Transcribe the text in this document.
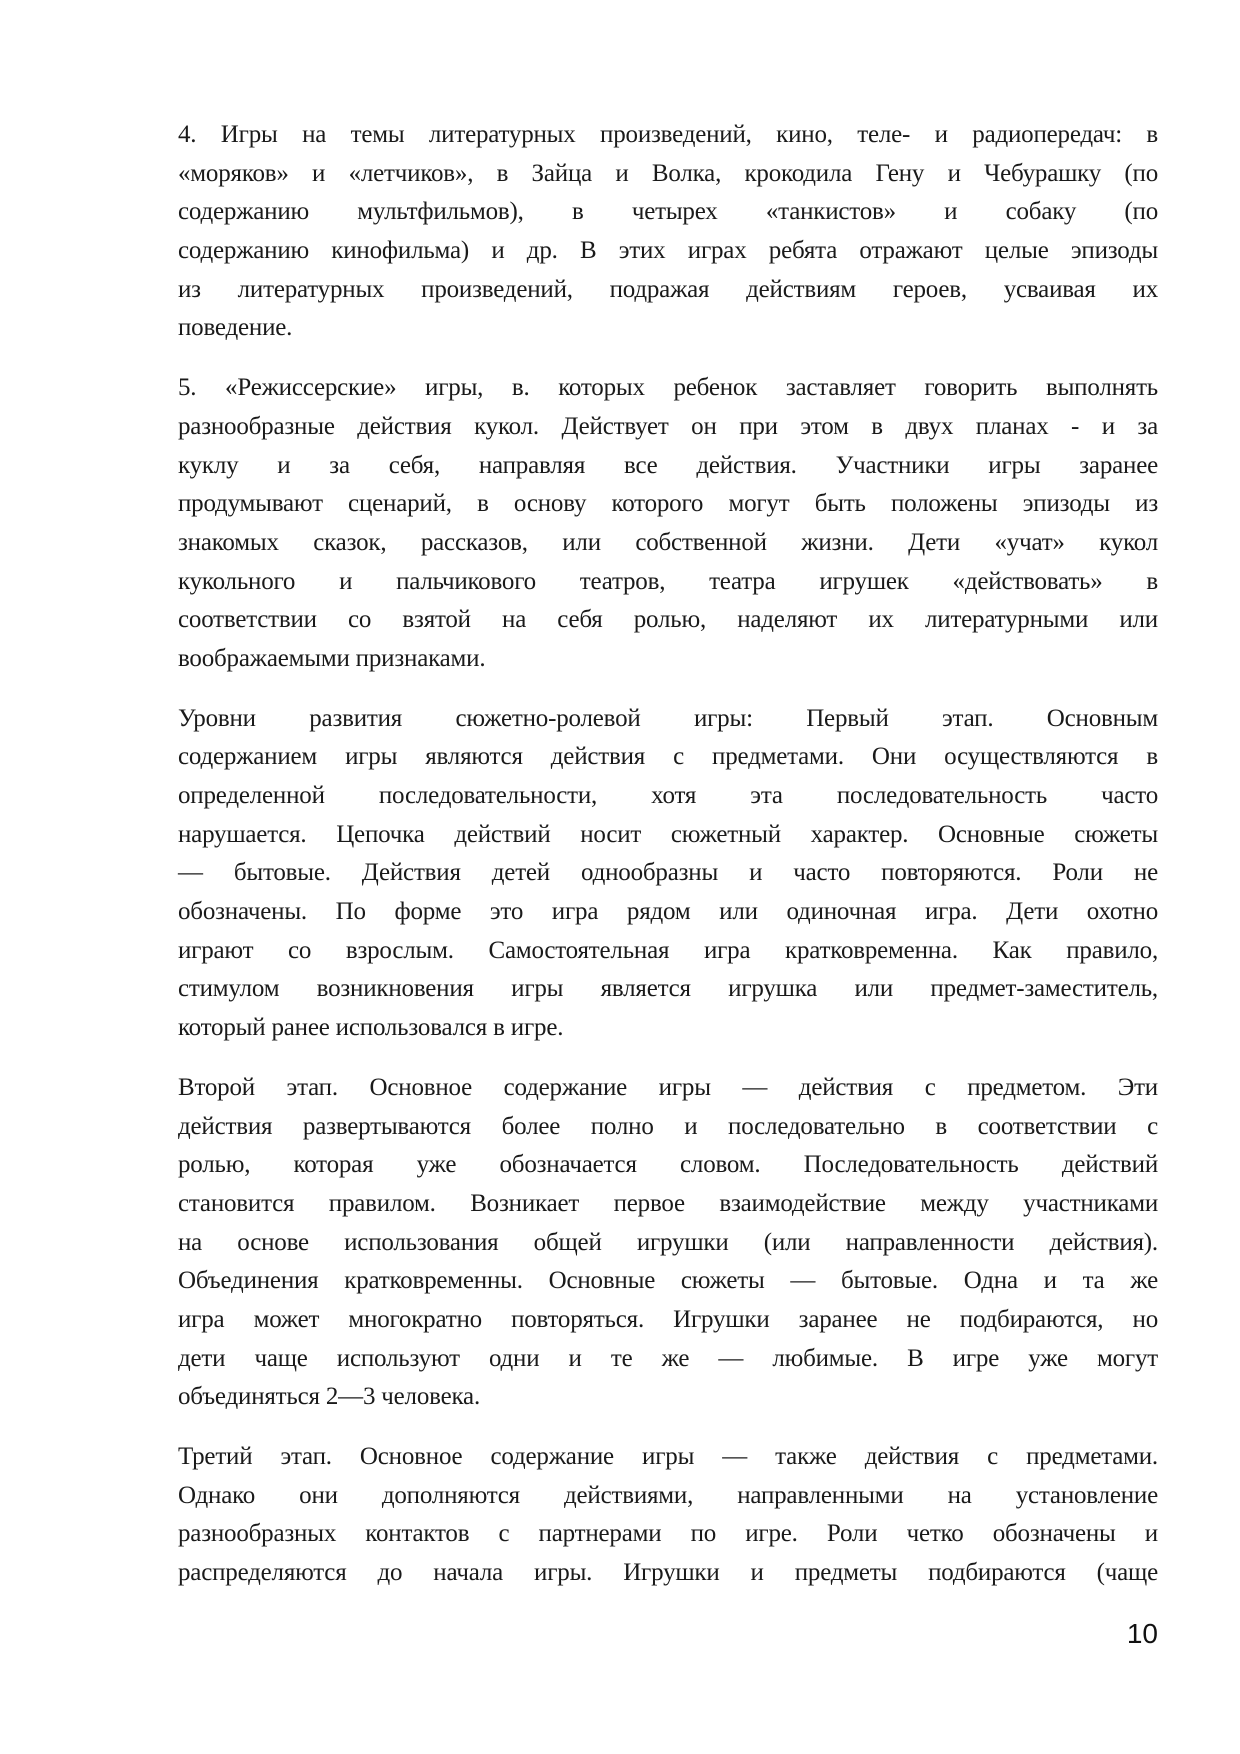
4. Игры на темы литературных произведений, кино, теле- и радиопередач: в
«моряков» и «летчиков», в Зайца и Волка, крокодила Гену и Чебурашку (по
содержанию мультфильмов), в четырех «танкистов» и собаку (по
содержанию кинофильма) и др. В этих играх ребята отражают целые эпизоды
из литературных произведений, подражая действиям героев, усваивая их
поведение.
5. «Режиссерские» игры, в. которых ребенок заставляет говорить выполнять
разнообразные действия кукол. Действует он при этом в двух планах - и за
куклу и за себя, направляя все действия. Участники игры заранее
продумывают сценарий, в основу которого могут быть положены эпизоды из
знакомых сказок, рассказов, или собственной жизни. Дети «учат» кукол
кукольного и пальчикового театров, театра игрушек «действовать» в
соответствии со взятой на себя ролью, наделяют их литературными или
воображаемыми признаками.
Уровни развития сюжетно-ролевой игры: Первый этап. Основным
содержанием игры являются действия с предметами. Они осуществляются в
определенной последовательности, хотя эта последовательность часто
нарушается. Цепочка действий носит сюжетный характер. Основные сюжеты
— бытовые. Действия детей однообразны и часто повторяются. Роли не
обозначены. По форме это игра рядом или одиночная игра. Дети охотно
играют со взрослым. Самостоятельная игра кратковременна. Как правило,
стимулом возникновения игры является игрушка или предмет-заместитель,
который ранее использовался в игре.
Второй этап. Основное содержание игры — действия с предметом. Эти
действия развертываются более полно и последовательно в соответствии с
ролью, которая уже обозначается словом. Последовательность действий
становится правилом. Возникает первое взаимодействие между участниками
на основе использования общей игрушки (или направленности действия).
Объединения кратковременны. Основные сюжеты — бытовые. Одна и та же
игра может многократно повторяться. Игрушки заранее не подбираются, но
дети чаще используют одни и те же — любимые. В игре уже могут
объединяться 2—3 человека.
Третий этап. Основное содержание игры — также действия с предметами.
Однако они дополняются действиями, направленными на установление
разнообразных контактов с партнерами по игре. Роли четко обозначены и
распределяются до начала игры. Игрушки и предметы подбираются (чаще
10
